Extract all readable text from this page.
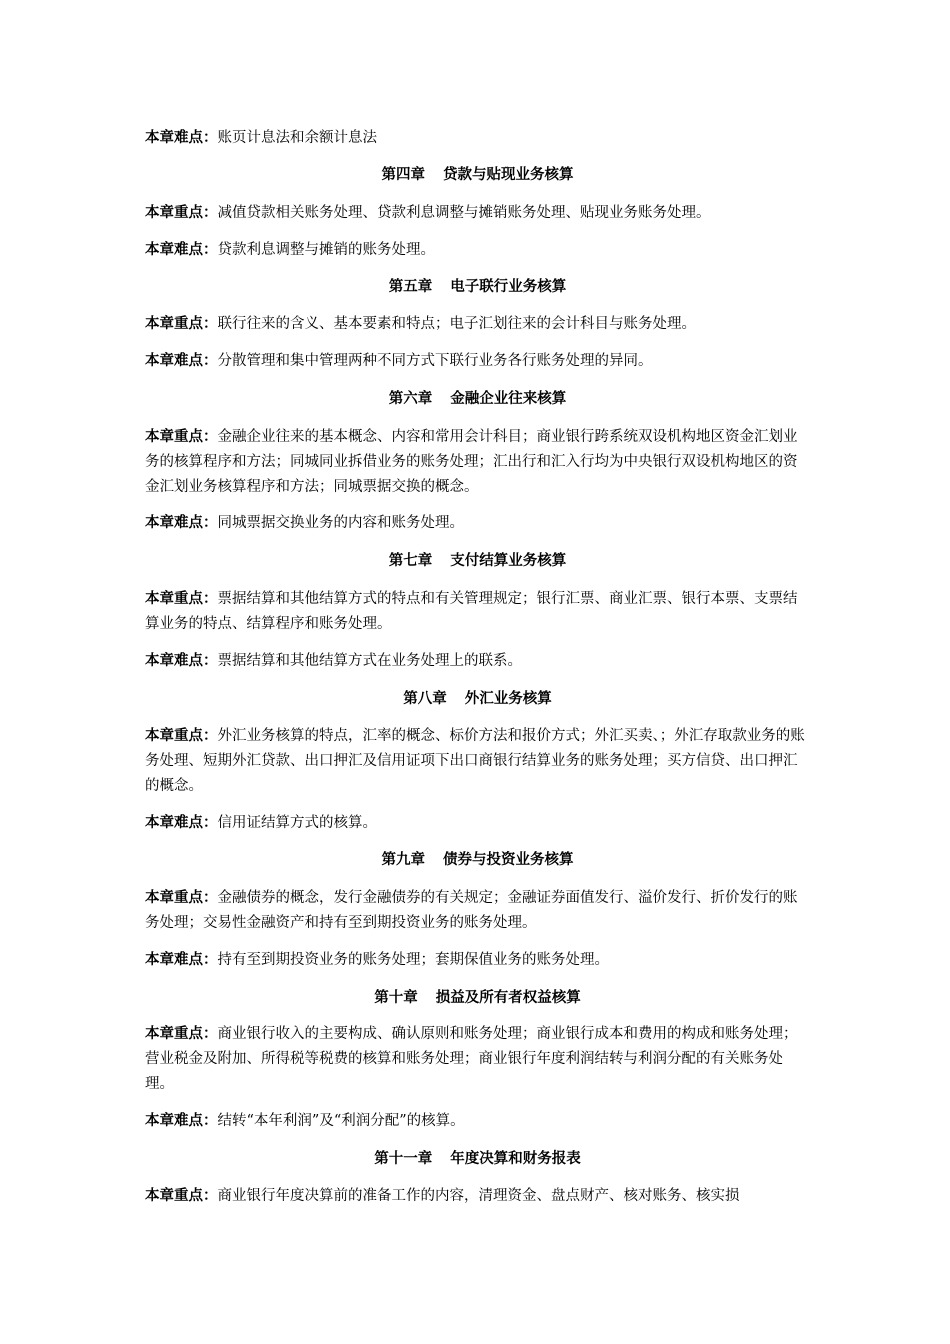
本章难点：账页计息法和余额计息法

第四章 贷款与贴现业务核算

本章重点：减值贷款相关账务处理、贷款利息调整与摊销账务处理、贴现业务账务处理。

本章难点：贷款利息调整与摊销的账务处理。

第五章 电子联行业务核算

本章重点：联行往来的含义、基本要素和特点；电子汇划往来的会计科目与账务处理。

本章难点：分散管理和集中管理两种不同方式下联行业务各行账务处理的异同。

第六章 金融企业往来核算

本章重点：金融企业往来的基本概念、内容和常用会计科目；商业银行跨系统双设机构地区资金汇划业务的核算程序和方法；同城同业拆借业务的账务处理；汇出行和汇入行均为中央银行双设机构地区的资金汇划业务核算程序和方法；同城票据交换的概念。

本章难点：同城票据交换业务的内容和账务处理。

第七章 支付结算业务核算

本章重点：票据结算和其他结算方式的特点和有关管理规定；银行汇票、商业汇票、银行本票、支票结算业务的特点、结算程序和账务处理。

本章难点：票据结算和其他结算方式在业务处理上的联系。

第八章 外汇业务核算

本章重点：外汇业务核算的特点，汇率的概念、标价方法和报价方式；外汇买卖、；外汇存取款业务的账务处理、短期外汇贷款、出口押汇及信用证项下出口商银行结算业务的账务处理；买方信贷、出口押汇的概念。

本章难点：信用证结算方式的核算。

第九章 债券与投资业务核算

本章重点：金融债券的概念，发行金融债券的有关规定；金融证券面值发行、溢价发行、折价发行的账务处理；交易性金融资产和持有至到期投资业务的账务处理。

本章难点：持有至到期投资业务的账务处理；套期保值业务的账务处理。

第十章 损益及所有者权益核算

本章重点：商业银行收入的主要构成、确认原则和账务处理；商业银行成本和费用的构成和账务处理；营业税金及附加、所得税等税费的核算和账务处理；商业银行年度利润结转与利润分配的有关账务处理。

本章难点：结转“本年利润”及“利润分配”的核算。

第十一章 年度决算和财务报表

本章重点：商业银行年度决算前的准备工作的内容，清理资金、盘点财产、核对账务、核实损
